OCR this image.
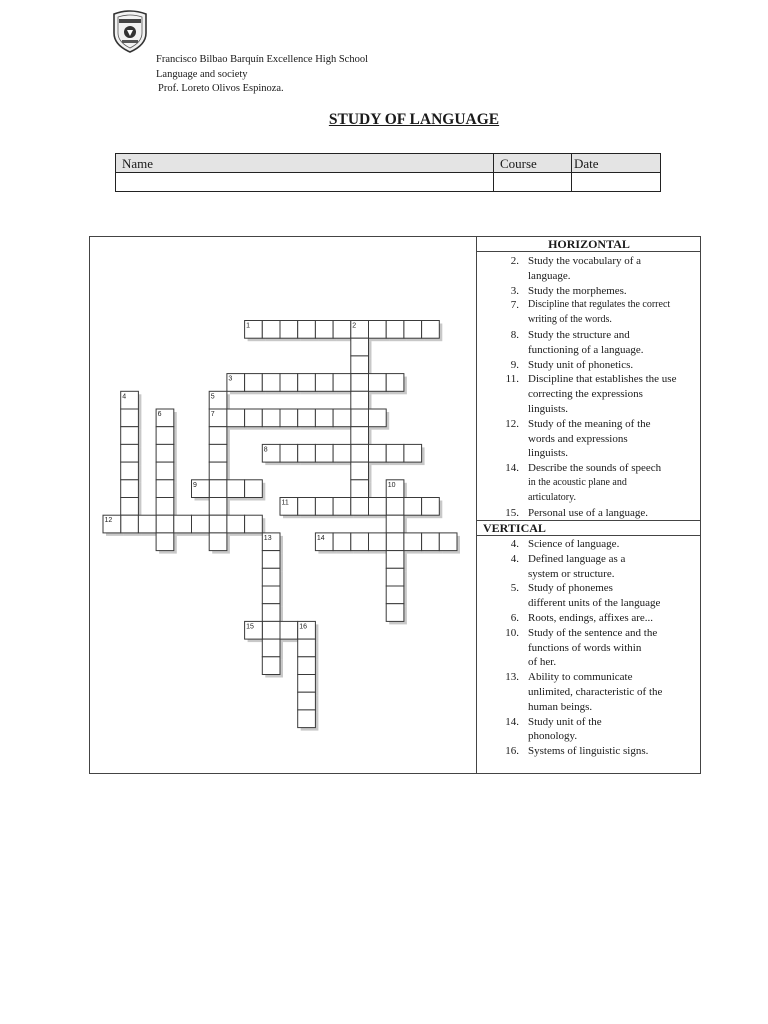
Francisco Bilbao Barquín Excellence High School
Language and society
Prof. Loreto Olivos Espinoza.
STUDY OF LANGUAGE
Name	Course	Date
1	2
3
4	5
7
6
8
9	10
11
12
13	14
15	16
HORIZONTAL
2. Study the vocabulary of a
language.
3. Study the morphemes.
7. Discipline that regulates the correct
writing of the words.
8. Study the structure and
functioning of a language.
9. Study unit of phonetics.
11. Discipline that establishes the use
correcting the expressions
linguists.
12. Study of the meaning of the
words and expressions
linguists.
14. Describe the sounds of speech
in the acoustic plane and
articulatory.
15. Personal use of a language.
VERTICAL
4. Science of language.
4. Defined language as a
system or structure.
5. Study of phonemes
different units of the language
6. Roots, endings, affixes are...
10. Study of the sentence and the
functions of words within
of her.
13. Ability to communicate
unlimited, characteristic of the
human beings.
14. Study unit of the
phonology.
16. Systems of linguistic signs.
